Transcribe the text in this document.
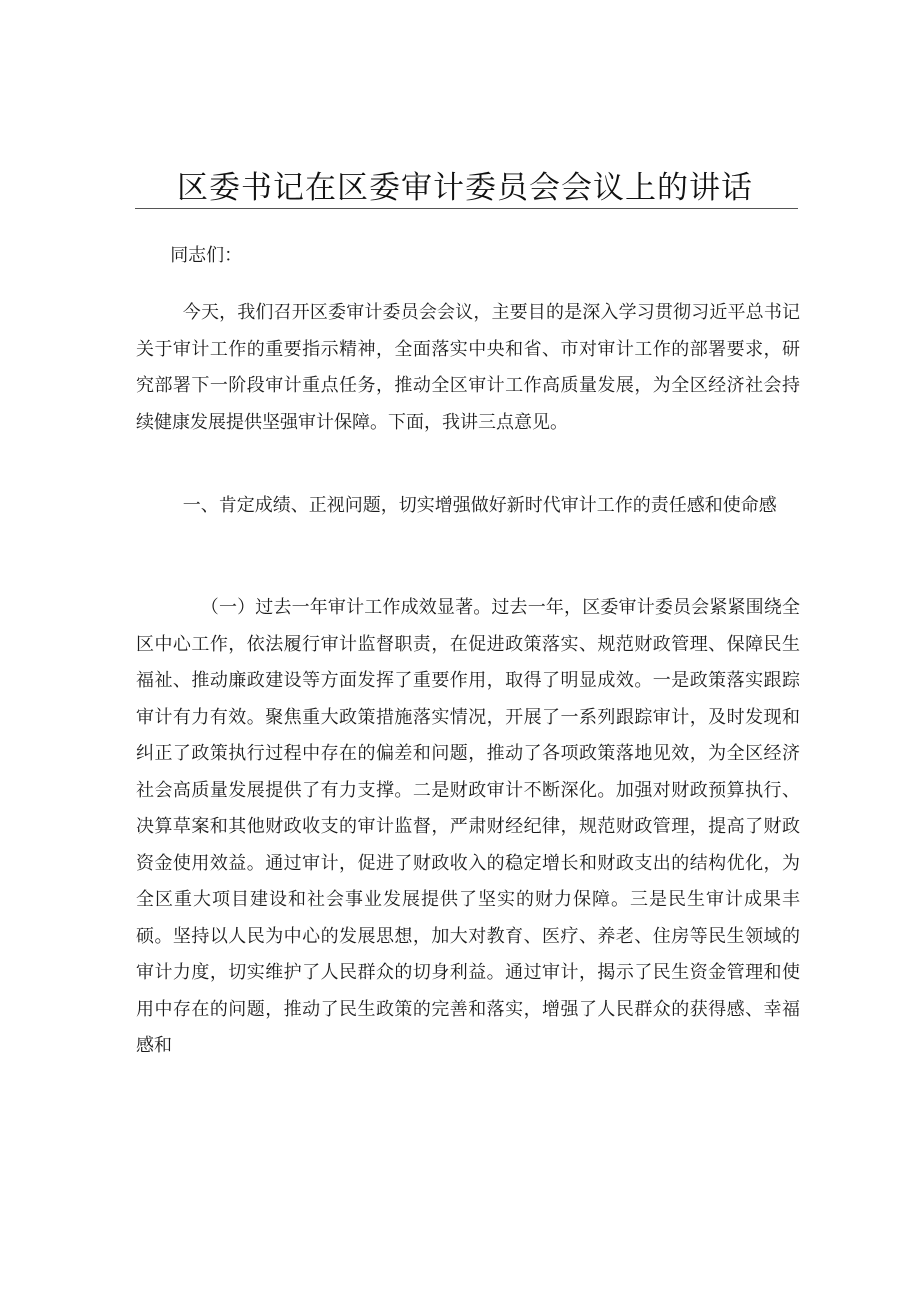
区委书记在区委审计委员会会议上的讲话

同志们：

今天，我们召开区委审计委员会会议，主要目的是深入学习贯彻习近平总书记关于审计工作的重要指示精神，全面落实中央和省、市对审计工作的部署要求，研究部署下一阶段审计重点任务，推动全区审计工作高质量发展，为全区经济社会持续健康发展提供坚强审计保障。下面，我讲三点意见。

一、肯定成绩、正视问题，切实增强做好新时代审计工作的责任感和使命感

（一）过去一年审计工作成效显著。过去一年，区委审计委员会紧紧围绕全区中心工作，依法履行审计监督职责，在促进政策落实、规范财政管理、保障民生福祉、推动廉政建设等方面发挥了重要作用，取得了明显成效。一是政策落实跟踪审计有力有效。聚焦重大政策措施落实情况，开展了一系列跟踪审计，及时发现和纠正了政策执行过程中存在的偏差和问题，推动了各项政策落地见效，为全区经济社会高质量发展提供了有力支撑。二是财政审计不断深化。加强对财政预算执行、决算草案和其他财政收支的审计监督，严肃财经纪律，规范财政管理，提高了财政资金使用效益。通过审计，促进了财政收入的稳定增长和财政支出的结构优化，为全区重大项目建设和社会事业发展提供了坚实的财力保障。三是民生审计成果丰硕。坚持以人民为中心的发展思想，加大对教育、医疗、养老、住房等民生领域的审计力度，切实维护了人民群众的切身利益。通过审计，揭示了民生资金管理和使用中存在的问题，推动了民生政策的完善和落实，增强了人民群众的获得感、幸福感和
